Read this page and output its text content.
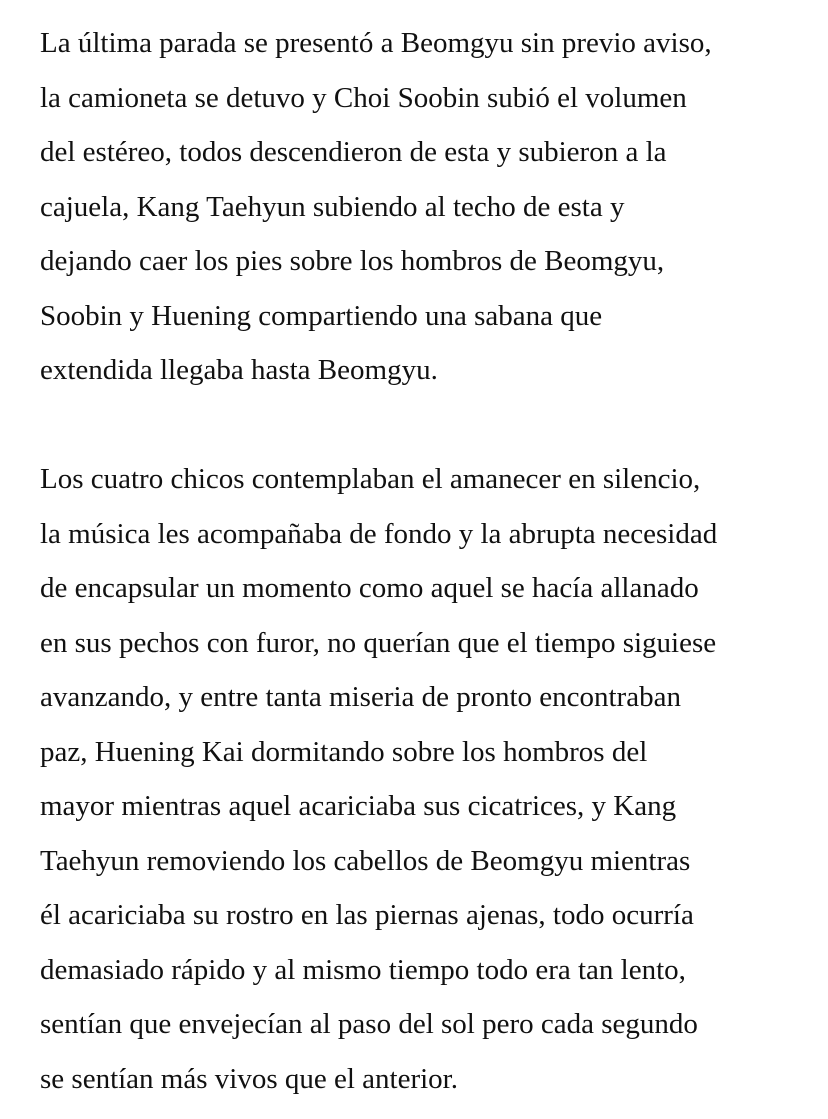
La última parada se presentó a Beomgyu sin previo aviso,
la camioneta se detuvo y Choi Soobin subió el volumen
del estéreo, todos descendieron de esta y subieron a la
cajuela, Kang Taehyun subiendo al techo de esta y
dejando caer los pies sobre los hombros de Beomgyu,
Soobin y Huening compartiendo una sabana que
extendida llegaba hasta Beomgyu.
Los cuatro chicos contemplaban el amanecer en silencio,
la música les acompañaba de fondo y la abrupta necesidad
de encapsular un momento como aquel se hacía allanado
en sus pechos con furor, no querían que el tiempo siguiese
avanzando, y entre tanta miseria de pronto encontraban
paz, Huening Kai dormitando sobre los hombros del
mayor mientras aquel acariciaba sus cicatrices, y Kang
Taehyun removiendo los cabellos de Beomgyu mientras
él acariciaba su rostro en las piernas ajenas, todo ocurría
demasiado rápido y al mismo tiempo todo era tan lento,
sentían que envejecían al paso del sol pero cada segundo
se sentían más vivos que el anterior.
